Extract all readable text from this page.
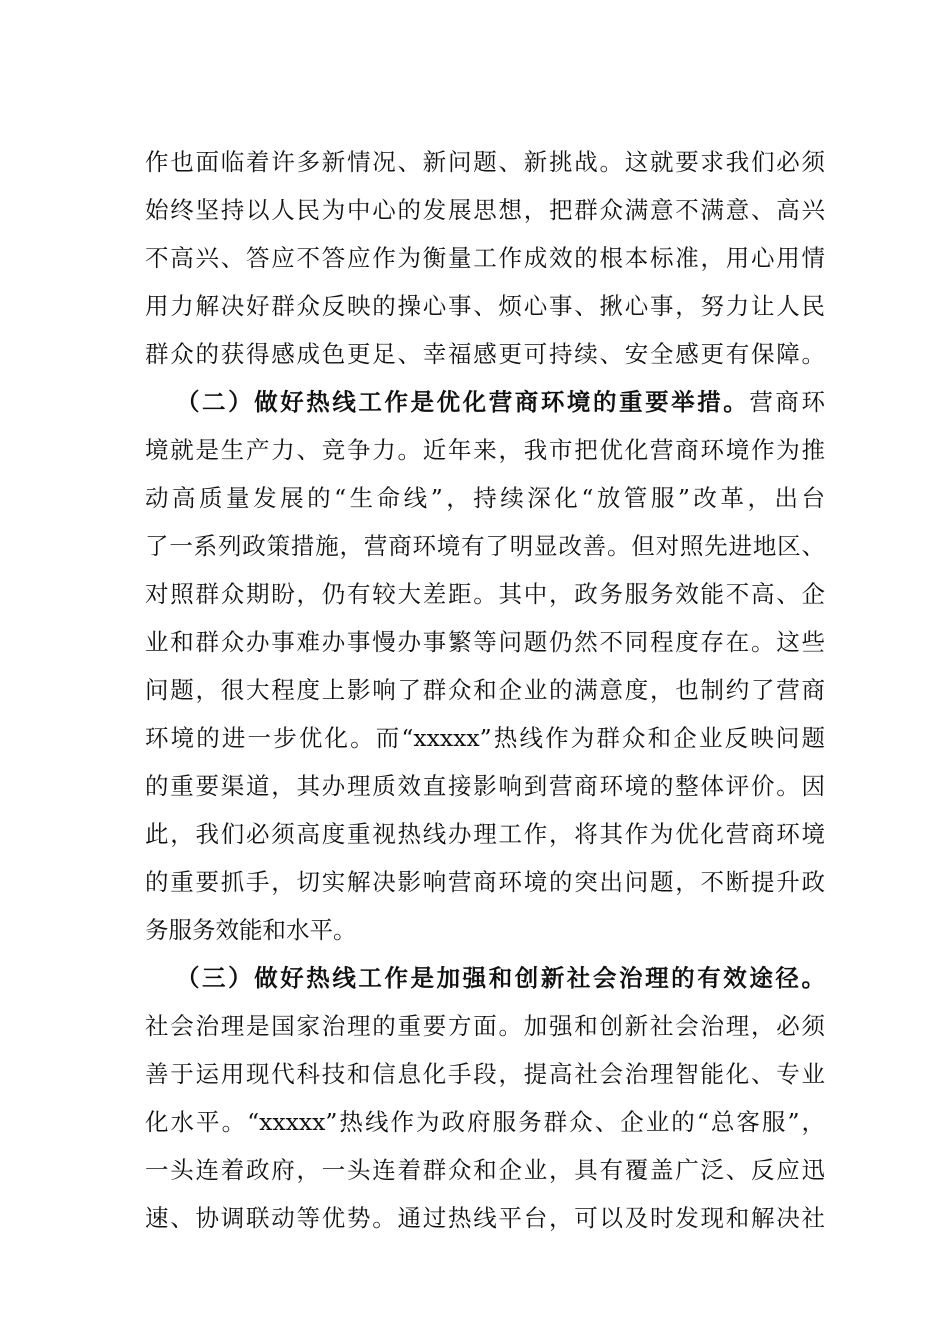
作也面临着许多新情况、新问题、新挑战。这就要求我们必须
始终坚持以人民为中心的发展思想，把群众满意不满意、高兴
不高兴、答应不答应作为衡量工作成效的根本标准，用心用情
用力解决好群众反映的操心事、烦心事、揪心事，努力让人民
群众的获得感成色更足、幸福感更可持续、安全感更有保障。
（二）做好热线工作是优化营商环境的重要举措。营商环
境就是生产力、竞争力。近年来，我市把优化营商环境作为推
动高质量发展的“生命线”，持续深化“放管服”改革，出台
了一系列政策措施，营商环境有了明显改善。但对照先进地区、
对照群众期盼，仍有较大差距。其中，政务服务效能不高、企
业和群众办事难办事慢办事繁等问题仍然不同程度存在。这些
问题，很大程度上影响了群众和企业的满意度，也制约了营商
环境的进一步优化。而“xxxxx”热线作为群众和企业反映问题
的重要渠道，其办理质效直接影响到营商环境的整体评价。因
此，我们必须高度重视热线办理工作，将其作为优化营商环境
的重要抓手，切实解决影响营商环境的突出问题，不断提升政
务服务效能和水平。
（三）做好热线工作是加强和创新社会治理的有效途径。
社会治理是国家治理的重要方面。加强和创新社会治理，必须
善于运用现代科技和信息化手段，提高社会治理智能化、专业
化水平。“xxxxx”热线作为政府服务群众、企业的“总客服”，
一头连着政府，一头连着群众和企业，具有覆盖广泛、反应迅
速、协调联动等优势。通过热线平台，可以及时发现和解决社
